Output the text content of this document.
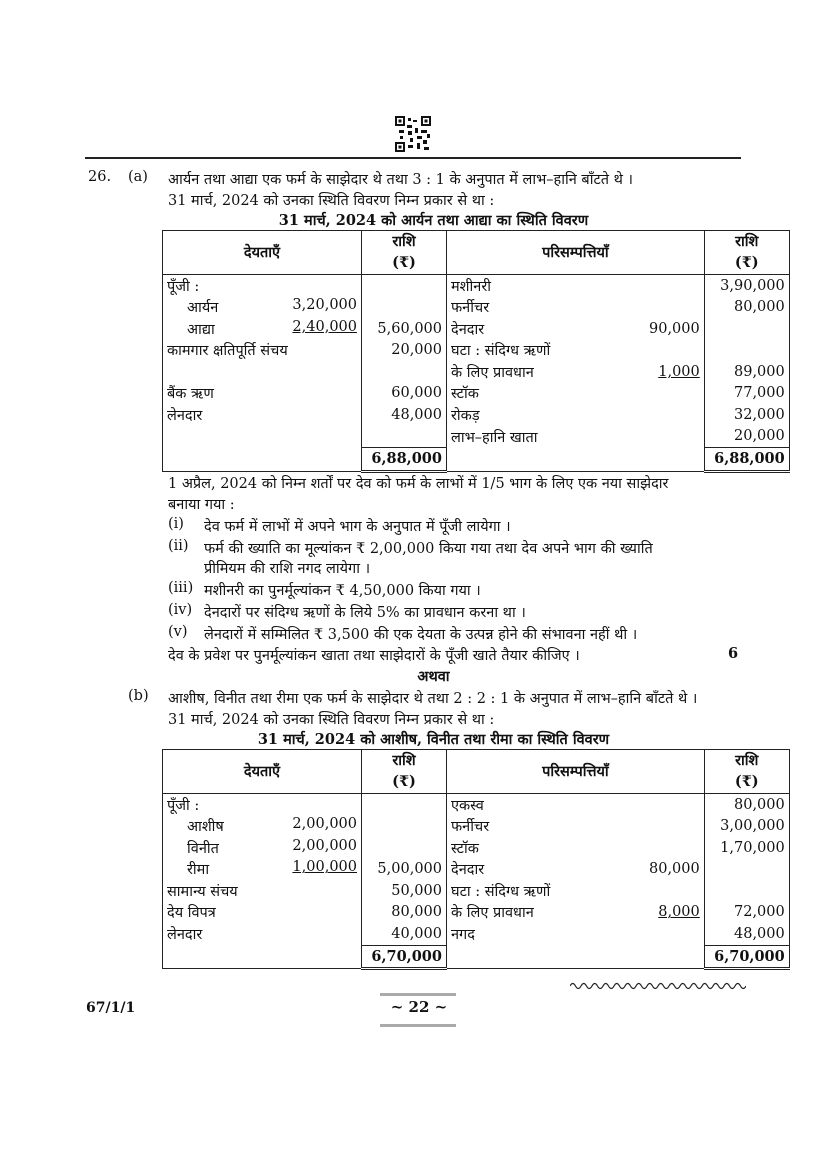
26. (a) आर्यन तथा आद्या एक फर्म के साझेदार थे तथा 3 : 1 के अनुपात में लाभ–हानि बाँटते थे ।
31 मार्च, 2024 को उनका स्थिति विवरण निम्न प्रकार से था :
31 मार्च, 2024 को आर्यन तथा आद्या का स्थिति विवरण
देयताएँ	राशि	परिसम्पत्तियाँ		राशि
	(₹)			(₹)
पूँजी :		मशीनरी		3,90,000

आर्यन 3,20,000		फर्नीचर		80,000

आद्या 2,40,000	5,60,000	देनदार	90,000	
कामगार क्षतिपूर्ति संचय	20,000	घटा : संदिग्ध ऋणों		
		के लिए प्रावधान	1,000	89,000
बैंक ऋण	60,000	स्टॉक		77,000
लेनदार	48,000	रोकड़		32,000
		लाभ–हानि खाता		20,000
	6,88,000			6,88,000
1 अप्रैल, 2024 को निम्न शर्तों पर देव को फर्म के लाभों में 1/5 भाग के लिए एक नया साझेदार
बनाया गया :
(i) देव फर्म में लाभों में अपने भाग के अनुपात में पूँजी लायेगा ।
(ii) फर्म की ख्याति का मूल्यांकन ₹ 2,00,000 किया गया तथा देव अपने भाग की ख्याति
प्रीमियम की राशि नगद लायेगा ।
(iii) मशीनरी का पुनर्मूल्यांकन ₹ 4,50,000 किया गया ।
(iv) देनदारों पर संदिग्ध ऋणों के लिये 5% का प्रावधान करना था ।
(v) लेनदारों में सम्मिलित ₹ 3,500 की एक देयता के उत्पन्न होने की संभावना नहीं थी ।
देव के प्रवेश पर पुनर्मूल्यांकन खाता तथा साझेदारों के पूँजी खाते तैयार कीजिए ।	6
अथवा
(b) आशीष, विनीत तथा रीमा एक फर्म के साझेदार थे तथा 2 : 2 : 1 के अनुपात में लाभ–हानि बाँटते थे ।
31 मार्च, 2024 को उनका स्थिति विवरण निम्न प्रकार से था :
31 मार्च, 2024 को आशीष, विनीत तथा रीमा का स्थिति विवरण
देयताएँ	राशि	परिसम्पत्तियाँ		राशि
	(₹)			(₹)
पूँजी :		एकस्व		80,000

आशीष 2,00,000		फर्नीचर		3,00,000

विनीत 2,00,000		स्टॉक		1,70,000

रीमा 1,00,000	5,00,000	देनदार	80,000	
सामान्य संचय	50,000	घटा : संदिग्ध ऋणों		
देय विपत्र	80,000	के लिए प्रावधान	8,000	72,000
लेनदार	40,000	नगद		48,000
	6,70,000			6,70,000
67/1/1	~ 22 ~
